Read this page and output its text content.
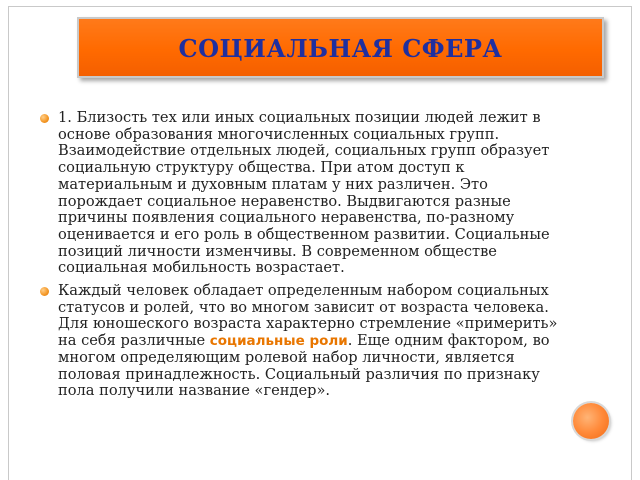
СОЦИАЛЬНАЯ СФЕРА
1. Близость тех или иных социальных позиции людей лежит в основе образования многочисленных социальных групп. Взаимодействие отдельных людей, социальных групп образует социальную структуру общества. При атом доступ к материальным и духовным платам у них различен. Это порождает социальное неравенство. Выдвигаются разные причины появления социального неравенства, по-разному оценивается и его роль в общественном развитии. Социальные позиций личности изменчивы. В современном обществе социальная мобильность возрастает.
Каждый человек обладает определенным набором социальных статусов и ролей, что во многом зависит от возраста человека. Для юношеского возраста характерно стремление «примерить» на себя различные социальные роли. Еще одним фактором, во многом определяющим ролевой набор личности, является половая принадлежность. Социальный различия по признаку пола получили название «гендер».
